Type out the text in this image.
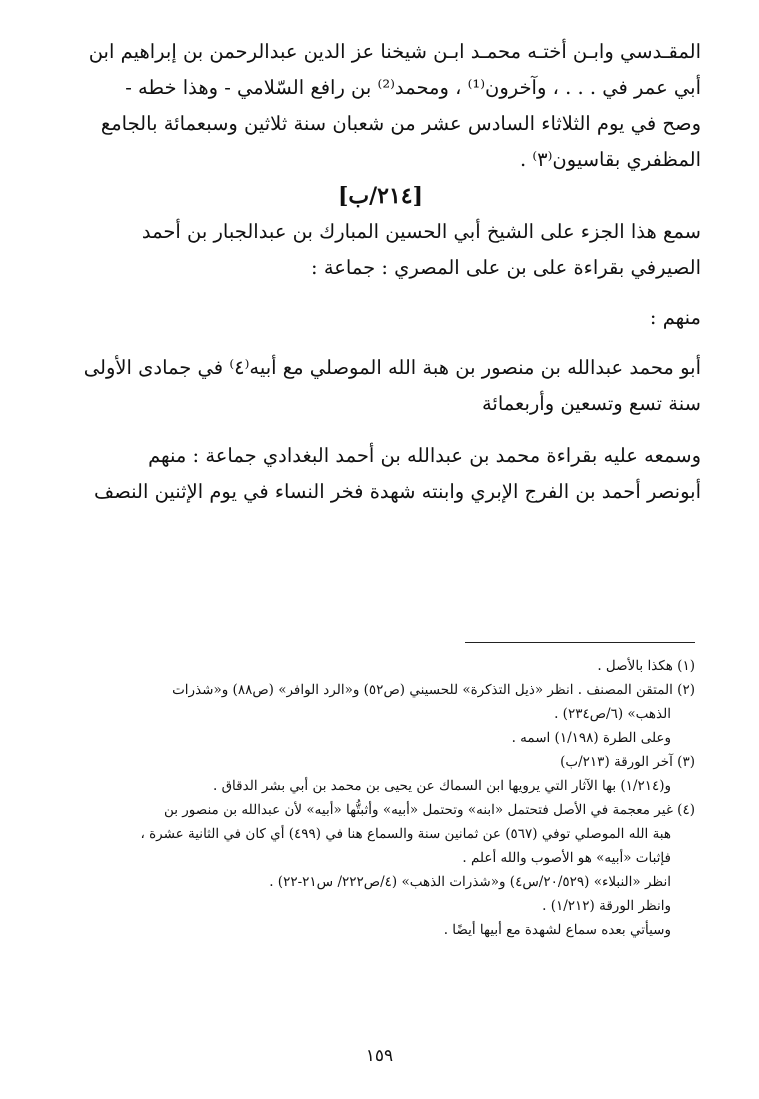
المقـدسي وابـن أختـه محمـد ابـن شيخنا عز الدين عبدالرحمن بن إبراهيم ابن
أبي عمر في . . . ، وآخرون⁽¹⁾ ، ومحمد⁽²⁾ بن رافع السّلامي - وهذا خطه -
وصح في يوم الثلاثاء السادس عشر من شعبان سنة ثلاثين وسبعمائة بالجامع
المظفري بقاسيون⁽٣⁾ .

[٢١٤/ب]

سمع هذا الجزء على الشيخ أبي الحسين المبارك بن عبدالجبار بن أحمد
الصيرفي بقراءة على بن على المصري : جماعة :

منهم :

أبو محمد عبدالله بن منصور بن هبة الله الموصلي مع أبيه⁽٤⁾ في جمادى الأولى
سنة تسع وتسعين وأربعمائة

وسمعه عليه بقراءة محمد بن عبدالله بن أحمد البغدادي جماعة : منهم
أبونصر أحمد بن الفرج الإبري وابنته شهدة فخر النساء في يوم الإثنين النصف

(١) هكذا بالأصل .

(٢) المتقن المصنف . انظر «ذيل التذكرة» للحسيني (ص٥٢) و«الرد الوافر» (ص٨٨) و«شذرات
الذهب» (٦/ص٢٣٤) .

وعلى الطرة (١/١٩٨) اسمه .

(٣) آخر الورقة (٢١٣/ب)

و(١/٢١٤) بها الآثار التي يرويها ابن السماك عن يحيى بن محمد بن أبي بشر الدقاق .

(٤) غير معجمة في الأصل فتحتمل «ابنه» وتحتمل «أبيه» وأثبتُّها «أبيه» لأن عبدالله بن منصور بن
هبة الله الموصلي توفي (٥٦٧) عن ثمانين سنة والسماع هنا في (٤٩٩) أي كان في الثانية عشرة ،
فإثبات «أبيه» هو الأصوب والله أعلم .

انظر «النبلاء» (٢٠/٥٢٩/س٤) و«شذرات الذهب» (٤/ص٢٢٢/ س٢١-٢٢) .

وانظر الورقة (١/٢١٢) .

وسيأتي بعده سماع لشهدة مع أبيها أيضًا .

١٥٩
